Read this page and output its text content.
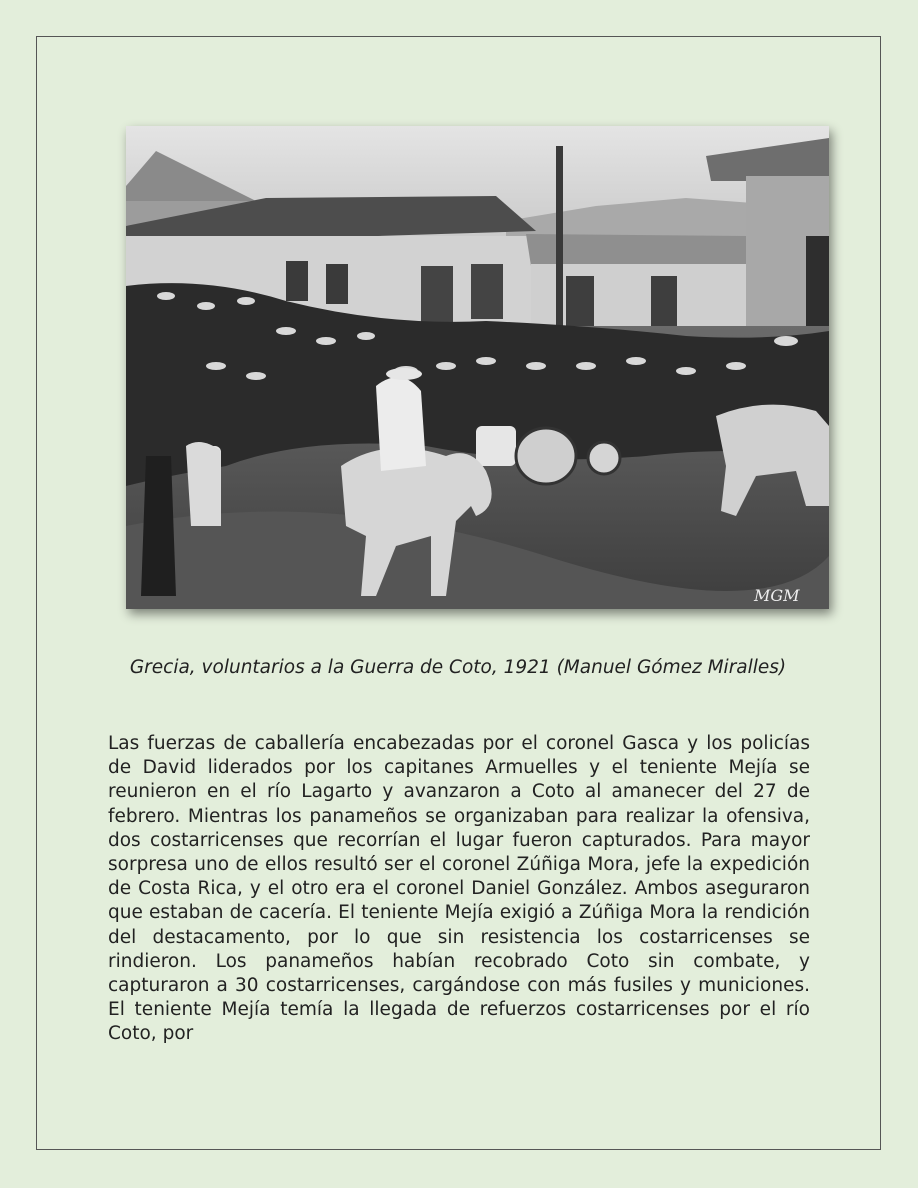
MGM
Grecia, voluntarios a la Guerra de Coto, 1921 (Manuel Gómez Miralles)
Las fuerzas de caballería encabezadas por el coronel Gasca y los policías de David liderados por los capitanes Armuelles y el teniente Mejía se reunieron en el río Lagarto y avanzaron a Coto al amanecer del 27 de febrero. Mientras los panameños se organizaban para realizar la ofensiva, dos costarricenses que recorrían el lugar fueron capturados. Para mayor sorpresa uno de ellos resultó ser el coronel Zúñiga Mora, jefe la expedición de Costa Rica, y el otro era el coronel Daniel González. Ambos aseguraron que estaban de cacería. El teniente Mejía exigió a Zúñiga Mora la rendición del destacamento, por lo que sin resistencia los costarricenses se rindieron. Los panameños habían recobrado Coto sin combate, y capturaron a 30 costarricenses, cargándose con más fusiles y municiones. El teniente Mejía temía la llegada de refuerzos costarricenses por el río Coto, por
